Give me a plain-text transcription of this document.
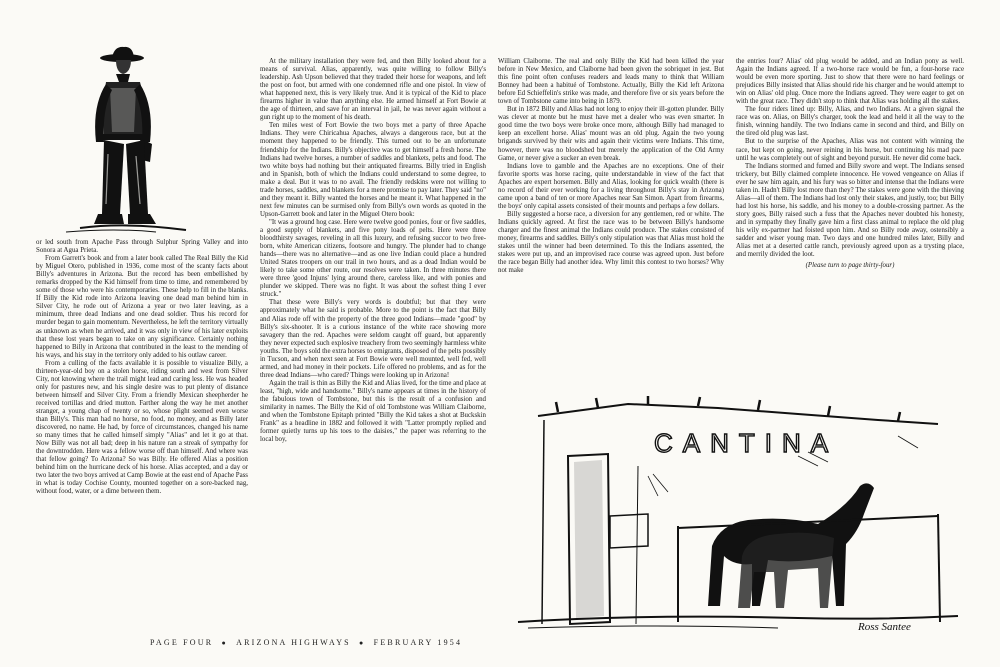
or led south from Apache Pass through Sulphur Spring Valley and into Sonora at Agua Prieta.

From Garrett's book and from a later book called The Real Billy the Kid by Miguel Otero, published in 1936, come most of the scanty facts about Billy's adventures in Arizona. But the record has been embellished by remarks dropped by the Kid himself from time to time, and remembered by some of those who were his contemporaries. These help to fill in the blanks. If Billy the Kid rode into Arizona leaving one dead man behind him in Silver City, he rode out of Arizona a year or two later leaving, as a minimum, three dead Indians and one dead soldier. Thus his record for murder began to gain momentum. Nevertheless, he left the territory virtually as unknown as when he arrived, and it was only in view of his later exploits that these lost years began to take on any significance. Certainly nothing happened to Billy in Arizona that contributed in the least to the mending of his ways, and his stay in the territory only added to his outlaw career.

From a culling of the facts available it is possible to visualize Billy, a thirteen-year-old boy on a stolen horse, riding south and west from Silver City, not knowing where the trail might lead and caring less. He was headed only for pastures new, and his single desire was to put plenty of distance between himself and Silver City. From a friendly Mexican sheepherder he received tortillas and dried mutton. Farther along the way he met another stranger, a young chap of twenty or so, whose plight seemed even worse than Billy's. This man had no horse, no food, no money, and as Billy later discovered, no name. He had, by force of circumstances, changed his name so many times that he called himself simply "Alias" and let it go at that. Now Billy was not all bad; deep in his nature ran a streak of sympathy for the downtrodden. Here was a fellow worse off than himself. And where was that fellow going? To Arizona? So was Billy. He offered Alias a position behind him on the hurricane deck of his horse. Alias accepted, and a day or two later the two boys arrived at Camp Bowie at the east end of Apache Pass in what is today Cochise County, mounted together on a sore-backed nag, without food, water, or a dime between them.

At the military installation they were fed, and then Billy looked about for a means of survival. Alias, apparently, was quite willing to follow Billy's leadership. Ash Upson believed that they traded their horse for weapons, and left the post on foot, but armed with one condemned rifle and one pistol. In view of what happened next, this is very likely true. And it is typical of the Kid to place firearms higher in value than anything else. He armed himself at Fort Bowie at the age of thirteen, and save for an interval in jail, he was never again without a gun right up to the moment of his death.

Ten miles west of Fort Bowie the two boys met a party of three Apache Indians. They were Chiricahua Apaches, always a dangerous race, but at the moment they happened to be friendly. This turned out to be an unfortunate friendship for the Indians. Billy's objective was to get himself a fresh horse. The Indians had twelve horses, a number of saddles and blankets, pelts and food. The two white boys had nothing but their antiquated firearms. Billy tried in English and in Spanish, both of which the Indians could understand to some degree, to make a deal. But it was to no avail. The friendly redskins were not willing to trade horses, saddles, and blankets for a mere promise to pay later. They said "no" and they meant it. Billy wanted the horses and he meant it. What happened in the next few minutes can be surmised only from Billy's own words as quoted in the Upson-Garrett book and later in the Miguel Otero book:

"It was a ground hog case. Here were twelve good ponies, four or five saddles, a good supply of blankets, and five pony loads of pelts. Here were three bloodthirsty savages, reveling in all this luxury, and refusing succor to two free-born, white American citizens, footsore and hungry. The plunder had to change hands—there was no alternative—and as one live Indian could place a hundred United States troopers on our trail in two hours, and as a dead Indian would be likely to take some other route, our resolves were taken. In three minutes there were three 'good Injuns' lying around there, careless like, and with ponies and plunder we skipped. There was no fight. It was about the softest thing I ever struck."

That these were Billy's very words is doubtful; but that they were approximately what he said is probable. More to the point is the fact that Billy and Alias rode off with the property of the three good Indians—made "good" by Billy's six-shooter. It is a curious instance of the white race showing more savagery than the red. Apaches were seldom caught off guard, but apparently they never expected such explosive treachery from two seemingly harmless white youths. The boys sold the extra horses to emigrants, disposed of the pelts possibly in Tucson, and when next seen at Fort Bowie were well mounted, well fed, well armed, and had money in their pockets. Life offered no problems, and as for the three dead Indians—who cared? Things were looking up in Arizona!

Again the trail is thin as Billy the Kid and Alias lived, for the time and place at least, "high, wide and handsome." Billy's name appears at times in the history of the fabulous town of Tombstone, but this is the result of a confusion and similarity in names. The Billy the Kid of old Tombstone was William Claiborne, and when the Tombstone Epitaph printed "Billy the Kid takes a shot at Buckskin Frank" as a headline in 1882 and followed it with "Latter promptly replied and former quietly turns up his toes to the daisies," the paper was referring to the local boy,

William Claiborne. The real and only Billy the Kid had been killed the year before in New Mexico, and Claiborne had been given the sobriquet in jest. But this fine point often confuses readers and leads many to think that William Bonney had been a habitué of Tombstone. Actually, Billy the Kid left Arizona before Ed Schieffelin's strike was made, and therefore five or six years before the town of Tombstone came into being in 1879.

But in 1872 Billy and Alias had not long to enjoy their ill-gotten plunder. Billy was clever at monte but he must have met a dealer who was even smarter. In good time the two boys were broke once more, although Billy had managed to keep an excellent horse. Alias' mount was an old plug. Again the two young brigands survived by their wits and again their victims were Indians. This time, however, there was no bloodshed but merely the application of the Old Army Game, or never give a sucker an even break.

Indians love to gamble and the Apaches are no exceptions. One of their favorite sports was horse racing, quite understandable in view of the fact that Apaches are expert horsemen. Billy and Alias, looking for quick wealth (there is no record of their ever working for a living throughout Billy's stay in Arizona) came upon a band of ten or more Apaches near San Simon. Apart from firearms, the boys' only capital assets consisted of their mounts and perhaps a few dollars.

Billy suggested a horse race, a diversion for any gentlemen, red or white. The Indians quickly agreed. At first the race was to be between Billy's handsome charger and the finest animal the Indians could produce. The stakes consisted of money, firearms and saddles. Billy's only stipulation was that Alias must hold the stakes until the winner had been determined. To this the Indians assented, the stakes were put up, and an improvised race course was agreed upon. Just before the race began Billy had another idea. Why limit this contest to two horses? Why not make

the entries four? Alias' old plug would be added, and an Indian pony as well. Again the Indians agreed. If a two-horse race would be fun, a four-horse race would be even more sporting. Just to show that there were no hard feelings or prejudices Billy insisted that Alias should ride his charger and he would attempt to win on Alias' old plug. Once more the Indians agreed. They were eager to get on with the great race. They didn't stop to think that Alias was holding all the stakes.

The four riders lined up: Billy, Alias, and two Indians. At a given signal the race was on. Alias, on Billy's charger, took the lead and held it all the way to the finish, winning handily. The two Indians came in second and third, and Billy on the tired old plug was last.

But to the surprise of the Apaches, Alias was not content with winning the race, but kept on going, never reining in his horse, but continuing his mad pace until he was completely out of sight and beyond pursuit. He never did come back.

The Indians stormed and fumed and Billy swore and wept. The Indians sensed trickery, but Billy claimed complete innocence. He vowed vengeance on Alias if ever he saw him again, and his fury was so bitter and intense that the Indians were taken in. Hadn't Billy lost more than they? The stakes were gone with the thieving Alias—all of them. The Indians had lost only their stakes, and justly, too; but Billy had lost his horse, his saddle, and his money to a double-crossing partner. As the story goes, Billy raised such a fuss that the Apaches never doubted his honesty, and in sympathy they finally gave him a first class animal to replace the old plug his wily ex-partner had foisted upon him. And so Billy rode away, ostensibly a sadder and wiser young man. Two days and one hundred miles later, Billy and Alias met at a deserted cattle ranch, previously agreed upon as a trysting place, and merrily divided the loot.

(Please turn to page thirty-four)

CANTINA
Ross Santee
PAGE FOUR ● ARIZONA HIGHWAYS ● FEBRUARY 1954
